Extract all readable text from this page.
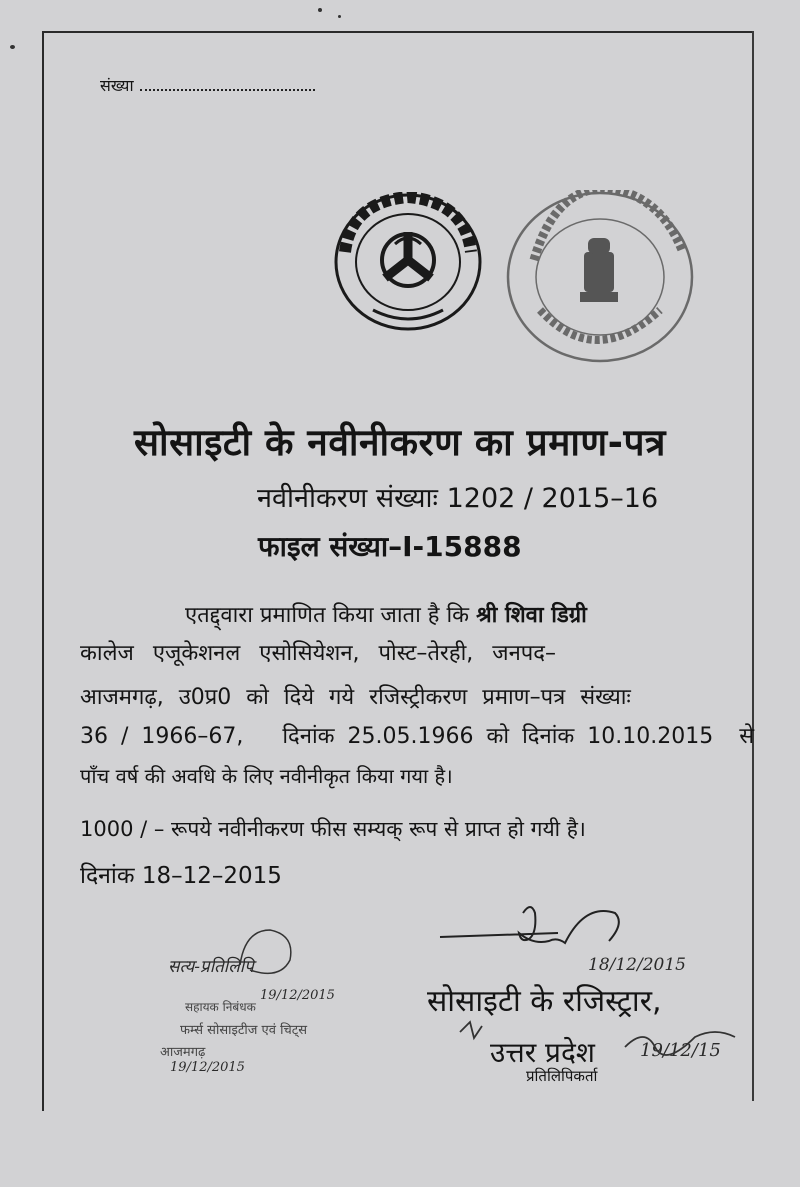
संख्या
सोसाइटी के नवीनीकरण का प्रमाण-पत्र
नवीनीकरण संख्याः 1202 / 2015–16
फाइल संख्या–I-15888
एतद्द्वारा प्रमाणित किया जाता है कि श्री शिवा डिग्री
कालेज एजूकेशनल एसोसियेशन, पोस्ट–तेरही, जनपद–
आजमगढ़, उ0प्र0 को दिये गये रजिस्ट्रीकरण प्रमाण–पत्र संख्याः
36 / 1966–67, दिनांक 25.05.1966 को दिनांक 10.10.2015 से
पाँच वर्ष की अवधि के लिए नवीनीकृत किया गया है।
1000 / – रूपये नवीनीकरण फीस सम्यक् रूप से प्राप्त हो गयी है।
दिनांक 18–12–2015
18/12/2015
सोसाइटी के रजिस्ट्रार,
उत्तर प्रदेश
प्रतिलिपिकर्ता
19/12/15
सत्य-प्रतिलिपि
19/12/2015
सहायक निबंधक
फर्म्स सोसाइटीज एवं चिट्स
आजमगढ़
19/12/2015
